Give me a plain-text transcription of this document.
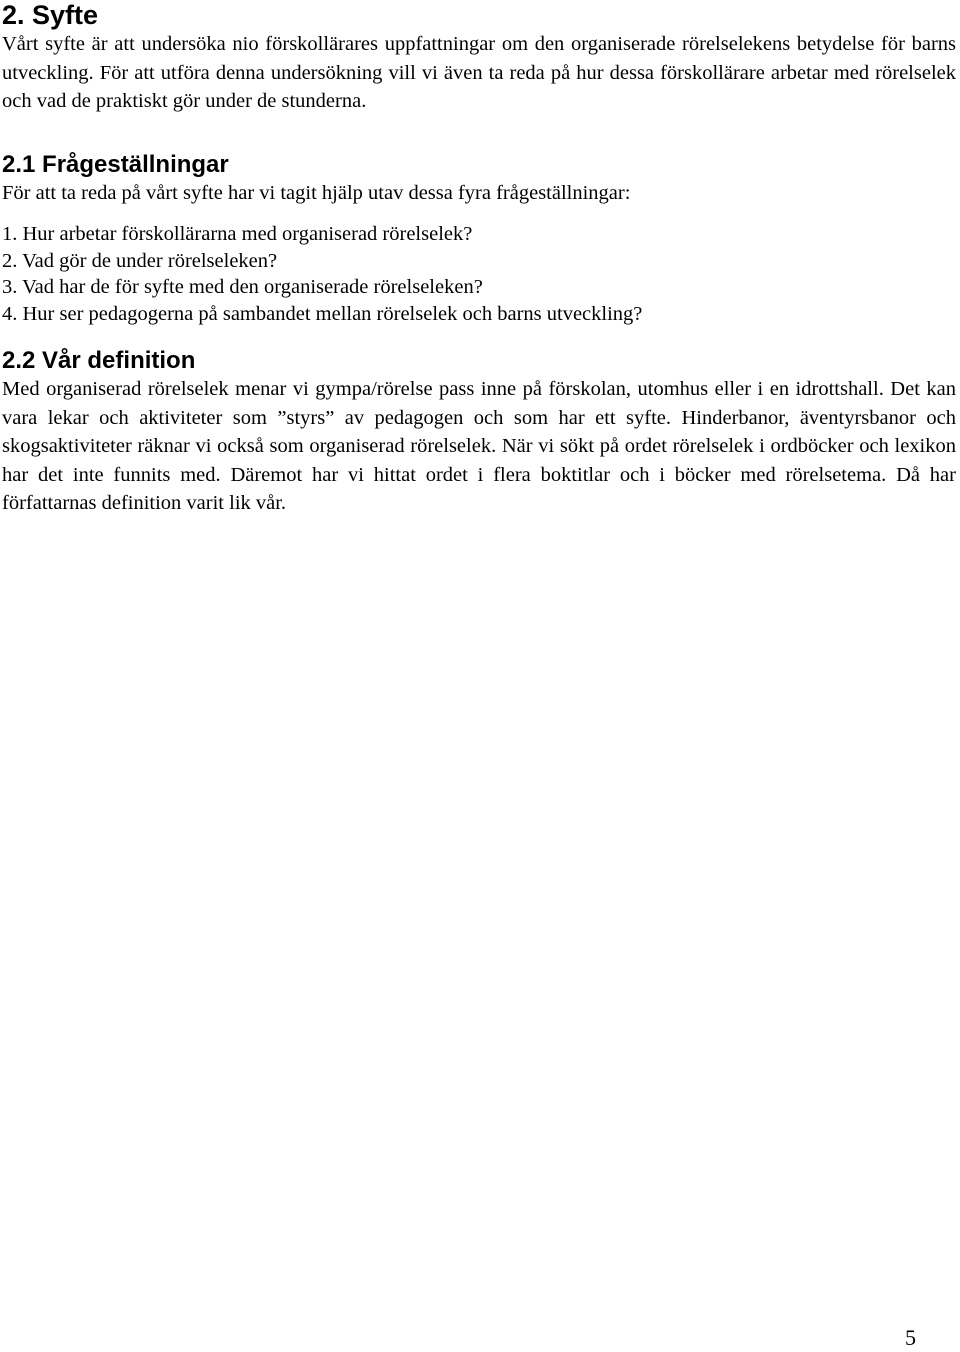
2. Syfte

Vårt syfte är att undersöka nio förskollärares uppfattningar om den organiserade rörelselekens betydelse för barns utveckling. För att utföra denna undersökning vill vi även ta reda på hur dessa förskollärare arbetar med rörelselek och vad de praktiskt gör under de stunderna.

2.1 Frågeställningar

För att ta reda på vårt syfte har vi tagit hjälp utav dessa fyra frågeställningar:

1. Hur arbetar förskollärarna med organiserad rörelselek?
2. Vad gör de under rörelseleken?
3. Vad har de för syfte med den organiserade rörelseleken?
4. Hur ser pedagogerna på sambandet mellan rörelselek och barns utveckling?
2.2 Vår definition

Med organiserad rörelselek menar vi gympa/rörelse pass inne på förskolan, utomhus eller i en idrottshall. Det kan vara lekar och aktiviteter som ”styrs” av pedagogen och som har ett syfte. Hinderbanor, äventyrsbanor och skogsaktiviteter räknar vi också som organiserad rörelselek. När vi sökt på ordet rörelselek i ordböcker och lexikon har det inte funnits med. Däremot har vi hittat ordet i flera boktitlar och i böcker med rörelsetema. Då har författarnas definition varit lik vår.

5
